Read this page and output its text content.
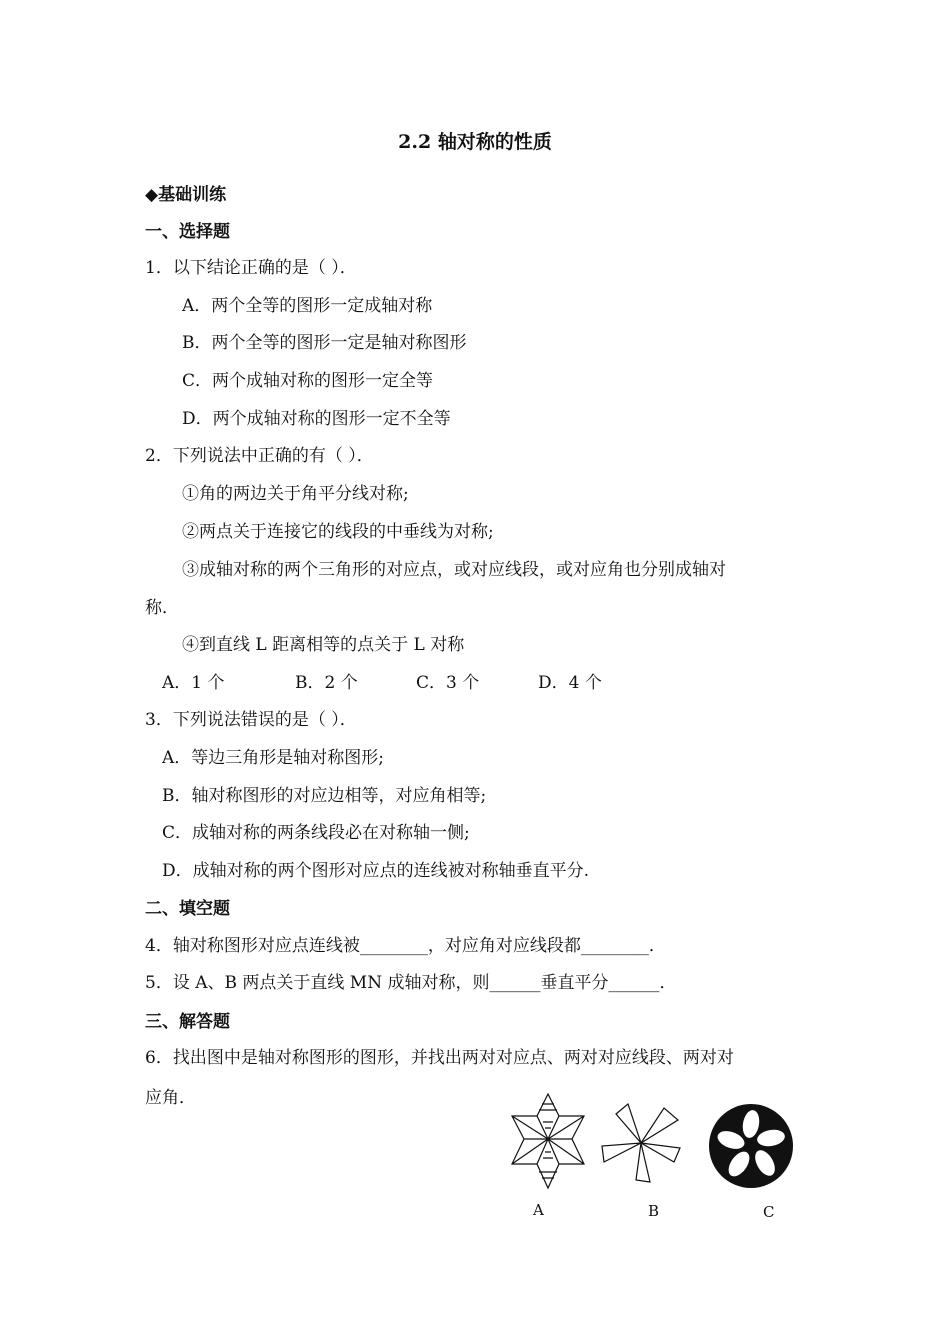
2.2 轴对称的性质
◆基础训练
一、选择题
1．以下结论正确的是（ ）．
A．两个全等的图形一定成轴对称
B．两个全等的图形一定是轴对称图形
C．两个成轴对称的图形一定全等
D．两个成轴对称的图形一定不全等
2．下列说法中正确的有（ ）．
①角的两边关于角平分线对称;
②两点关于连接它的线段的中垂线为对称;
③成轴对称的两个三角形的对应点，或对应线段，或对应角也分别成轴对
称．
④到直线 L 距离相等的点关于 L 对称
A．1 个	B．2 个	C．3 个	D．4 个
3．下列说法错误的是（ ）．
A．等边三角形是轴对称图形;
B．轴对称图形的对应边相等，对应角相等;
C．成轴对称的两条线段必在对称轴一侧;
D．成轴对称的两个图形对应点的连线被对称轴垂直平分.
二、填空题
4．轴对称图形对应点连线被________，对应角对应线段都________．
5．设 A、B 两点关于直线 MN 成轴对称，则______垂直平分______．
三、解答题
6．找出图中是轴对称图形的图形，并找出两对对应点、两对对应线段、两对对
应角．
A	B	C
